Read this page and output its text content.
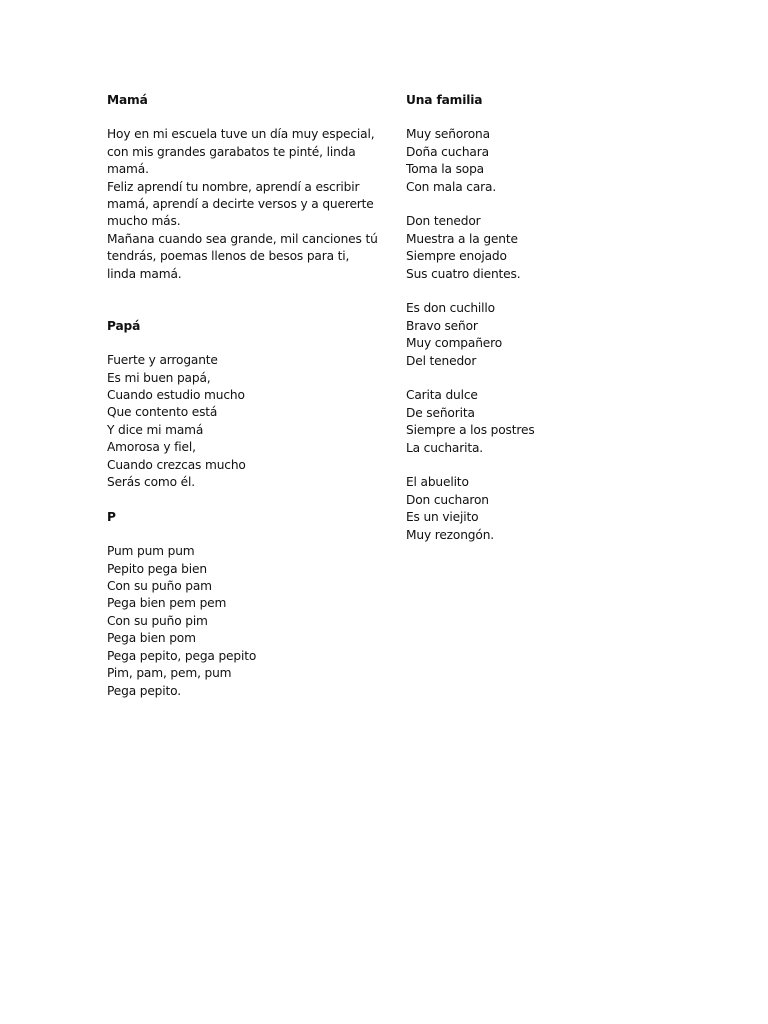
Mamá

Hoy en mi escuela tuve un día muy especial,
con mis grandes garabatos te pinté, linda
mamá.
Feliz aprendí tu nombre, aprendí a escribir
mamá, aprendí a decirte versos y a quererte
mucho más.
Mañana cuando sea grande, mil canciones tú
tendrás, poemas llenos de besos para ti,
linda mamá.

Papá

Fuerte y arrogante
Es mi buen papá,
Cuando estudio mucho
Que contento está
Y dice mi mamá
Amorosa y fiel,
Cuando crezcas mucho
Serás como él.

P

Pum pum pum
Pepito pega bien
Con su puño pam
Pega bien pem pem
Con su puño pim
Pega bien pom
Pega pepito, pega pepito
Pim, pam, pem, pum
Pega pepito.

Una familia

Muy señorona
Doña cuchara
Toma la sopa
Con mala cara.
Don tenedor
Muestra a la gente
Siempre enojado
Sus cuatro dientes.
Es don cuchillo
Bravo señor
Muy compañero
Del tenedor
Carita dulce
De señorita
Siempre a los postres
La cucharita.
El abuelito
Don cucharon
Es un viejito
Muy rezongón.
